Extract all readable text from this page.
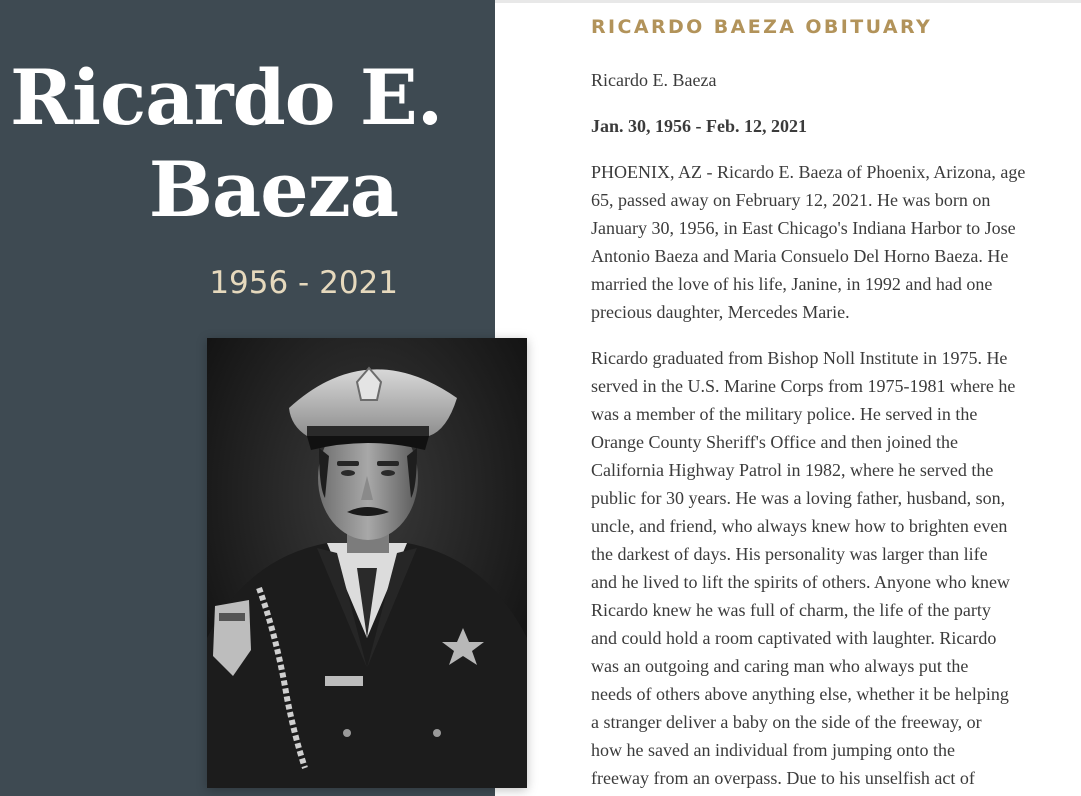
Ricardo E.
Baeza
1956 - 2021
RICARDO BAEZA OBITUARY

Ricardo E. Baeza

Jan. 30, 1956 - Feb. 12, 2021

PHOENIX, AZ - Ricardo E. Baeza of Phoenix, Arizona, age
65, passed away on February 12, 2021. He was born on
January 30, 1956, in East Chicago's Indiana Harbor to Jose
Antonio Baeza and Maria Consuelo Del Horno Baeza. He
married the love of his life, Janine, in 1992 and had one
precious daughter, Mercedes Marie.

Ricardo graduated from Bishop Noll Institute in 1975. He
served in the U.S. Marine Corps from 1975-1981 where he
was a member of the military police. He served in the
Orange County Sheriff's Office and then joined the
California Highway Patrol in 1982, where he served the
public for 30 years. He was a loving father, husband, son,
uncle, and friend, who always knew how to brighten even
the darkest of days. His personality was larger than life
and he lived to lift the spirits of others. Anyone who knew
Ricardo knew he was full of charm, the life of the party
and could hold a room captivated with laughter. Ricardo
was an outgoing and caring man who always put the
needs of others above anything else, whether it be helping
a stranger deliver a baby on the side of the freeway, or
how he saved an individual from jumping onto the
freeway from an overpass. Due to his unselfish act of
